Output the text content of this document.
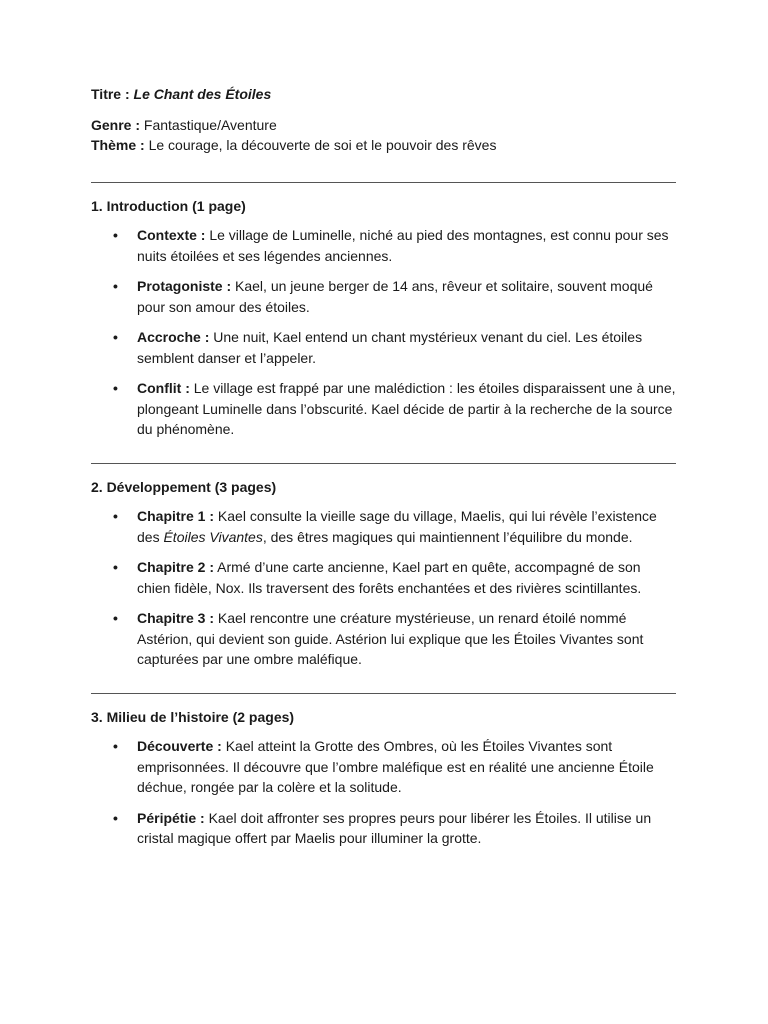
Titre : Le Chant des Étoiles

Genre : Fantastique/Aventure

Thème : Le courage, la découverte de soi et le pouvoir des rêves

1. Introduction (1 page)
• Contexte : Le village de Luminelle, niché au pied des montagnes, est connu pour ses nuits étoilées et ses légendes anciennes.
• Protagoniste : Kael, un jeune berger de 14 ans, rêveur et solitaire, souvent moqué pour son amour des étoiles.
• Accroche : Une nuit, Kael entend un chant mystérieux venant du ciel. Les étoiles semblent danser et l’appeler.
• Conflit : Le village est frappé par une malédiction : les étoiles disparaissent une à une, plongeant Luminelle dans l’obscurité. Kael décide de partir à la recherche de la source du phénomène.
2. Développement (3 pages)
• Chapitre 1 : Kael consulte la vieille sage du village, Maelis, qui lui révèle l’existence des Étoiles Vivantes, des êtres magiques qui maintiennent l’équilibre du monde.
• Chapitre 2 : Armé d’une carte ancienne, Kael part en quête, accompagné de son chien fidèle, Nox. Ils traversent des forêts enchantées et des rivières scintillantes.
• Chapitre 3 : Kael rencontre une créature mystérieuse, un renard étoilé nommé Astérion, qui devient son guide. Astérion lui explique que les Étoiles Vivantes sont capturées par une ombre maléfique.
3. Milieu de l’histoire (2 pages)
• Découverte : Kael atteint la Grotte des Ombres, où les Étoiles Vivantes sont emprisonnées. Il découvre que l’ombre maléfique est en réalité une ancienne Étoile déchue, rongée par la colère et la solitude.
• Péripétie : Kael doit affronter ses propres peurs pour libérer les Étoiles. Il utilise un cristal magique offert par Maelis pour illuminer la grotte.
